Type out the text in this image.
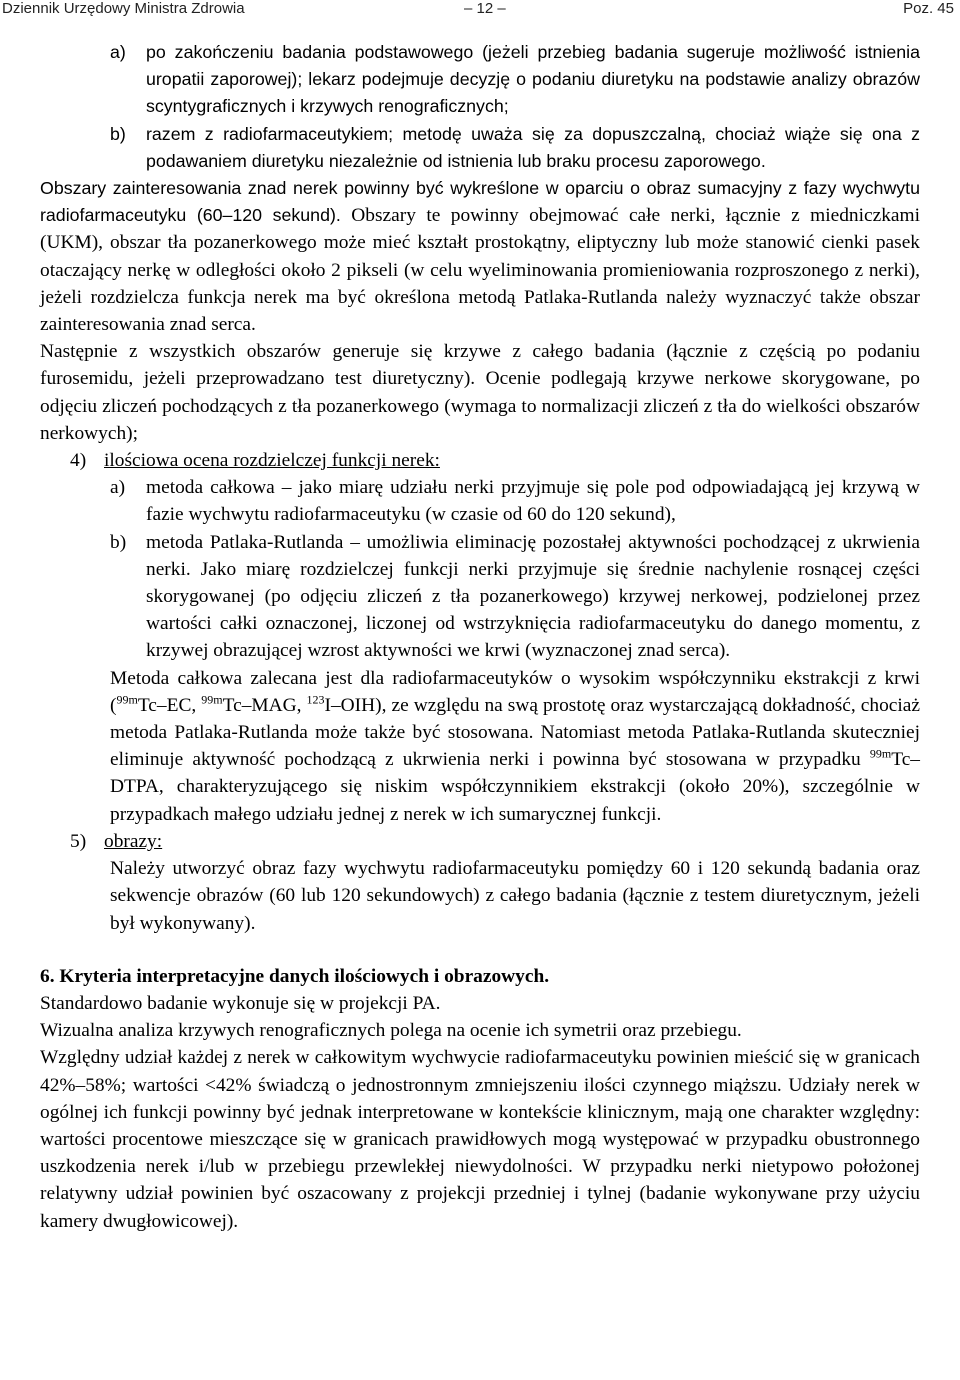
Dziennik Urzędowy Ministra Zdrowia	– 12 –	Poz. 45
a)	po zakończeniu badania podstawowego (jeżeli przebieg badania sugeruje możliwość istnienia uropatii zaporowej); lekarz podejmuje decyzję o podaniu diuretyku na podstawie analizy obrazów scyntygraficznych i krzywych renograficznych;
b)	razem z radiofarmaceutykiem; metodę uważa się za dopuszczalną, chociaż wiąże się ona z podawaniem diuretyku niezależnie od istnienia lub braku procesu zaporowego.

Obszary zainteresowania znad nerek powinny być wykreślone w oparciu o obraz sumacyjny z fazy wychwytu radiofarmaceutyku (60–120 sekund). Obszary te powinny obejmować całe nerki, łącznie z miedniczkami (UKM), obszar tła pozanerkowego może mieć kształt prostokątny, eliptyczny lub może stanowić cienki pasek otaczający nerkę w odległości około 2 pikseli (w celu wyeliminowania promieniowania rozproszonego z nerki), jeżeli rozdzielcza funkcja nerek ma być określona metodą Patlaka-Rutlanda należy wyznaczyć także obszar zainteresowania znad serca.

Następnie z wszystkich obszarów generuje się krzywe z całego badania (łącznie z częścią po podaniu furosemidu, jeżeli przeprowadzano test diuretyczny). Ocenie podlegają krzywe nerkowe skorygowane, po odjęciu zliczeń pochodzących z tła pozanerkowego (wymaga to normalizacji zliczeń z tła do wielkości obszarów nerkowych);

4) ilościowa ocena rozdzielczej funkcji nerek:
a)	metoda całkowa – jako miarę udziału nerki przyjmuje się pole pod odpowiadającą jej krzywą w fazie wychwytu radiofarmaceutyku (w czasie od 60 do 120 sekund),
b)	metoda Patlaka-Rutlanda – umożliwia eliminację pozostałej aktywności pochodzącej z ukrwienia nerki. Jako miarę rozdzielczej funkcji nerki przyjmuje się średnie nachylenie rosnącej części skorygowanej (po odjęciu zliczeń z tła pozanerkowego) krzywej nerkowej, podzielonej przez wartości całki oznaczonej, liczonej od wstrzyknięcia radiofarmaceutyku do danego momentu, z krzywej obrazującej wzrost aktywności we krwi (wyznaczonej znad serca).

Metoda całkowa zalecana jest dla radiofarmaceutyków o wysokim współczynniku ekstrakcji z krwi ($^{99m}$Tc–EC, $^{99m}$Tc–MAG, $^{123}$I–OIH), ze względu na swą prostotę oraz wystarczającą dokładność, chociaż metoda Patlaka-Rutlanda może także być stosowana. Natomiast metoda Patlaka-Rutlanda skuteczniej eliminuje aktywność pochodzącą z ukrwienia nerki i powinna być stosowana w przypadku $^{99m}$Tc–DTPA, charakteryzującego się niskim współczynnikiem ekstrakcji (około 20%), szczególnie w przypadkach małego udziału jednej z nerek w ich sumarycznej funkcji.

5) obrazy:

Należy utworzyć obraz fazy wychwytu radiofarmaceutyku pomiędzy 60 i 120 sekundą badania oraz sekwencje obrazów (60 lub 120 sekundowych) z całego badania (łącznie z testem diuretycznym, jeżeli był wykonywany).

6. Kryteria interpretacyjne danych ilościowych i obrazowych.

Standardowo badanie wykonuje się w projekcji PA.

Wizualna analiza krzywych renograficznych polega na ocenie ich symetrii oraz przebiegu.

Względny udział każdej z nerek w całkowitym wychwycie radiofarmaceutyku powinien mieścić się w granicach 42%–58%; wartości <42% świadczą o jednostronnym zmniejszeniu ilości czynnego miąższu. Udziały nerek w ogólnej ich funkcji powinny być jednak interpretowane w kontekście klinicznym, mają one charakter względny: wartości procentowe mieszczące się w granicach prawidłowych mogą występować w przypadku obustronnego uszkodzenia nerek i/lub w przebiegu przewlekłej niewydolności. W przypadku nerki nietypowo położonej relatywny udział powinien być oszacowany z projekcji przedniej i tylnej (badanie wykonywane przy użyciu kamery dwugłowicowej).
